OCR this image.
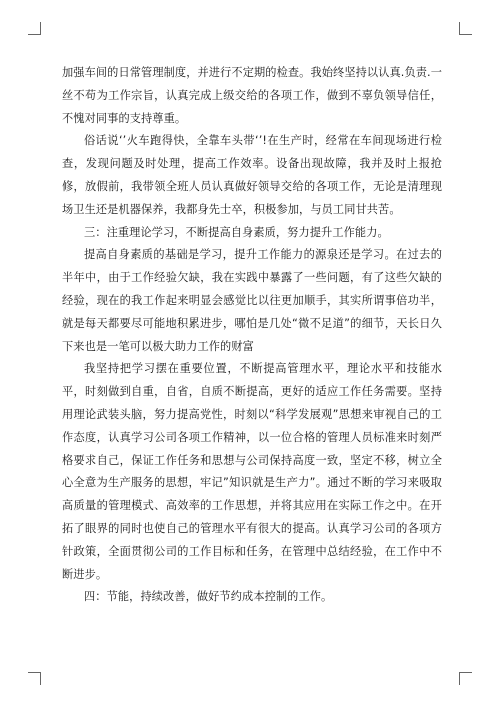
加强车间的日常管理制度，并进行不定期的检查。我始终坚持以认真.负责.一丝不苟为工作宗旨，认真完成上级交给的各项工作，做到不辜负领导信任，不愧对同事的支持尊重。

俗话说‘’火车跑得快，全靠车头带‘’!在生产时，经常在车间现场进行检查，发现问题及时处理，提高工作效率。设备出现故障，我并及时上报抢修，放假前，我带领全班人员认真做好领导交给的各项工作，无论是清理现场卫生还是机器保养，我都身先士卒，积极参加，与员工同甘共苦。

三：注重理论学习，不断提高自身素质，努力提升工作能力。

提高自身素质的基础是学习，提升工作能力的源泉还是学习。在过去的半年中，由于工作经验欠缺，我在实践中暴露了一些问题，有了这些欠缺的经验，现在的我工作起来明显会感觉比以往更加顺手，其实所谓事倍功半，就是每天都要尽可能地积累进步，哪怕是几处“微不足道”的细节，天长日久下来也是一笔可以极大助力工作的财富

我坚持把学习摆在重要位置，不断提高管理水平，理论水平和技能水平，时刻做到自重，自省，自质不断提高，更好的适应工作任务需要。坚持用理论武装头脑，努力提高党性，时刻以“科学发展观”思想来审视自己的工作态度，认真学习公司各项工作精神，以一位合格的管理人员标准来时刻严格要求自己，保证工作任务和思想与公司保持高度一致，坚定不移，树立全心全意为生产服务的思想，牢记”知识就是生产力”。通过不断的学习来吸取高质量的管理模式、高效率的工作思想，并将其应用在实际工作之中。在开拓了眼界的同时也使自己的管理水平有很大的提高。认真学习公司的各项方针政策，全面贯彻公司的工作目标和任务，在管理中总结经验，在工作中不断进步。

四：节能，持续改善，做好节约成本控制的工作。
